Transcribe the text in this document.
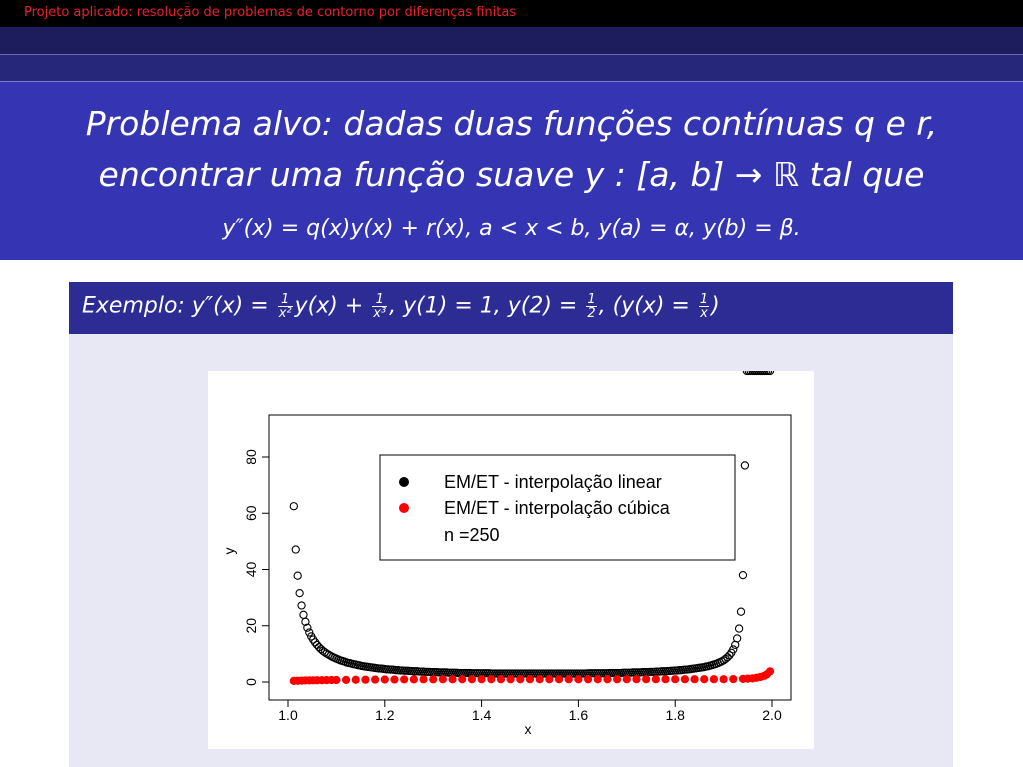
Projeto aplicado: resolução de problemas de contorno por diferenças finitas
Problema alvo: dadas duas funções contínuas q e r,
encontrar uma função suave y : [a, b] → ℝ tal que
y″(x) = q(x)y(x) + r(x), a < x < b, y(a) = α, y(b) = β.
Exemplo: $y''(x) = \frac{1}{\text{x²}} y(x) + \frac{1}{\text{x³}}$ , y(1) = 1, $y(2) = \frac{1}{2}$ , ($y(x) = \frac{1}{x}$ )
1.0	1.2	1.4	1.6	1.8	2.0
0
20
40
60
80
x
y
EM/ET - interpolação linear
EM/ET - interpolação cúbica
n =250
